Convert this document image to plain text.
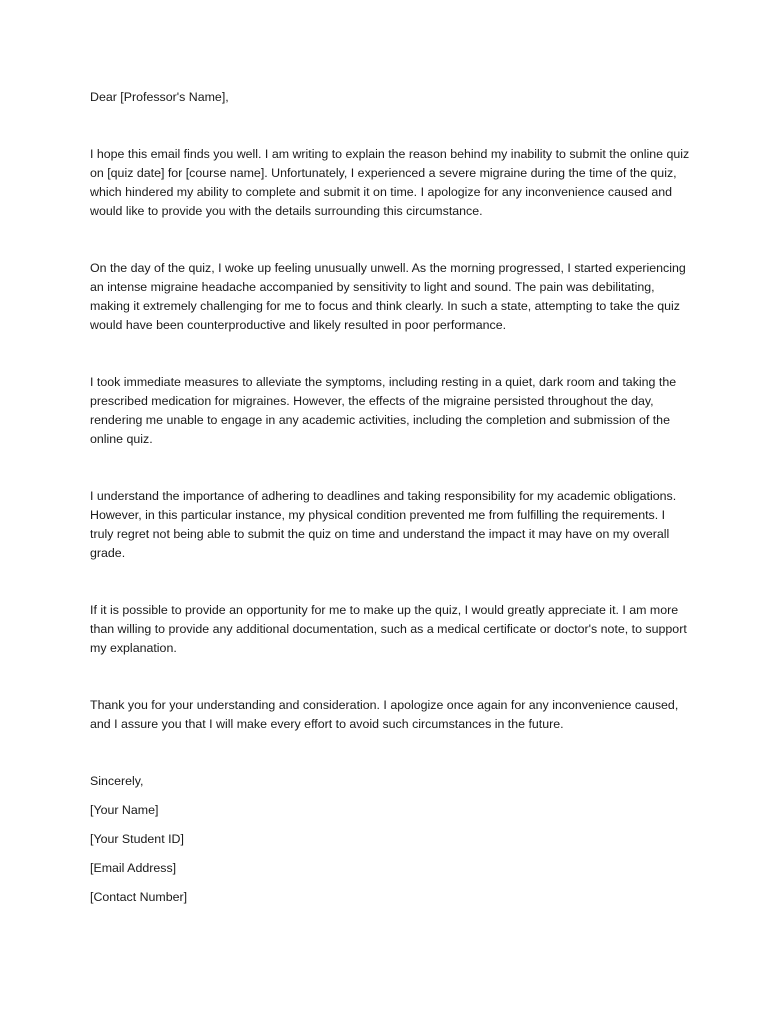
Dear [Professor's Name],

I hope this email finds you well. I am writing to explain the reason behind my inability to submit the online quiz on [quiz date] for [course name]. Unfortunately, I experienced a severe migraine during the time of the quiz, which hindered my ability to complete and submit it on time. I apologize for any inconvenience caused and would like to provide you with the details surrounding this circumstance.

On the day of the quiz, I woke up feeling unusually unwell. As the morning progressed, I started experiencing an intense migraine headache accompanied by sensitivity to light and sound. The pain was debilitating, making it extremely challenging for me to focus and think clearly. In such a state, attempting to take the quiz would have been counterproductive and likely resulted in poor performance.

I took immediate measures to alleviate the symptoms, including resting in a quiet, dark room and taking the prescribed medication for migraines. However, the effects of the migraine persisted throughout the day, rendering me unable to engage in any academic activities, including the completion and submission of the online quiz.

I understand the importance of adhering to deadlines and taking responsibility for my academic obligations. However, in this particular instance, my physical condition prevented me from fulfilling the requirements. I truly regret not being able to submit the quiz on time and understand the impact it may have on my overall grade.

If it is possible to provide an opportunity for me to make up the quiz, I would greatly appreciate it. I am more than willing to provide any additional documentation, such as a medical certificate or doctor's note, to support my explanation.

Thank you for your understanding and consideration. I apologize once again for any inconvenience caused, and I assure you that I will make every effort to avoid such circumstances in the future.

Sincerely,

[Your Name]

[Your Student ID]

[Email Address]

[Contact Number]
